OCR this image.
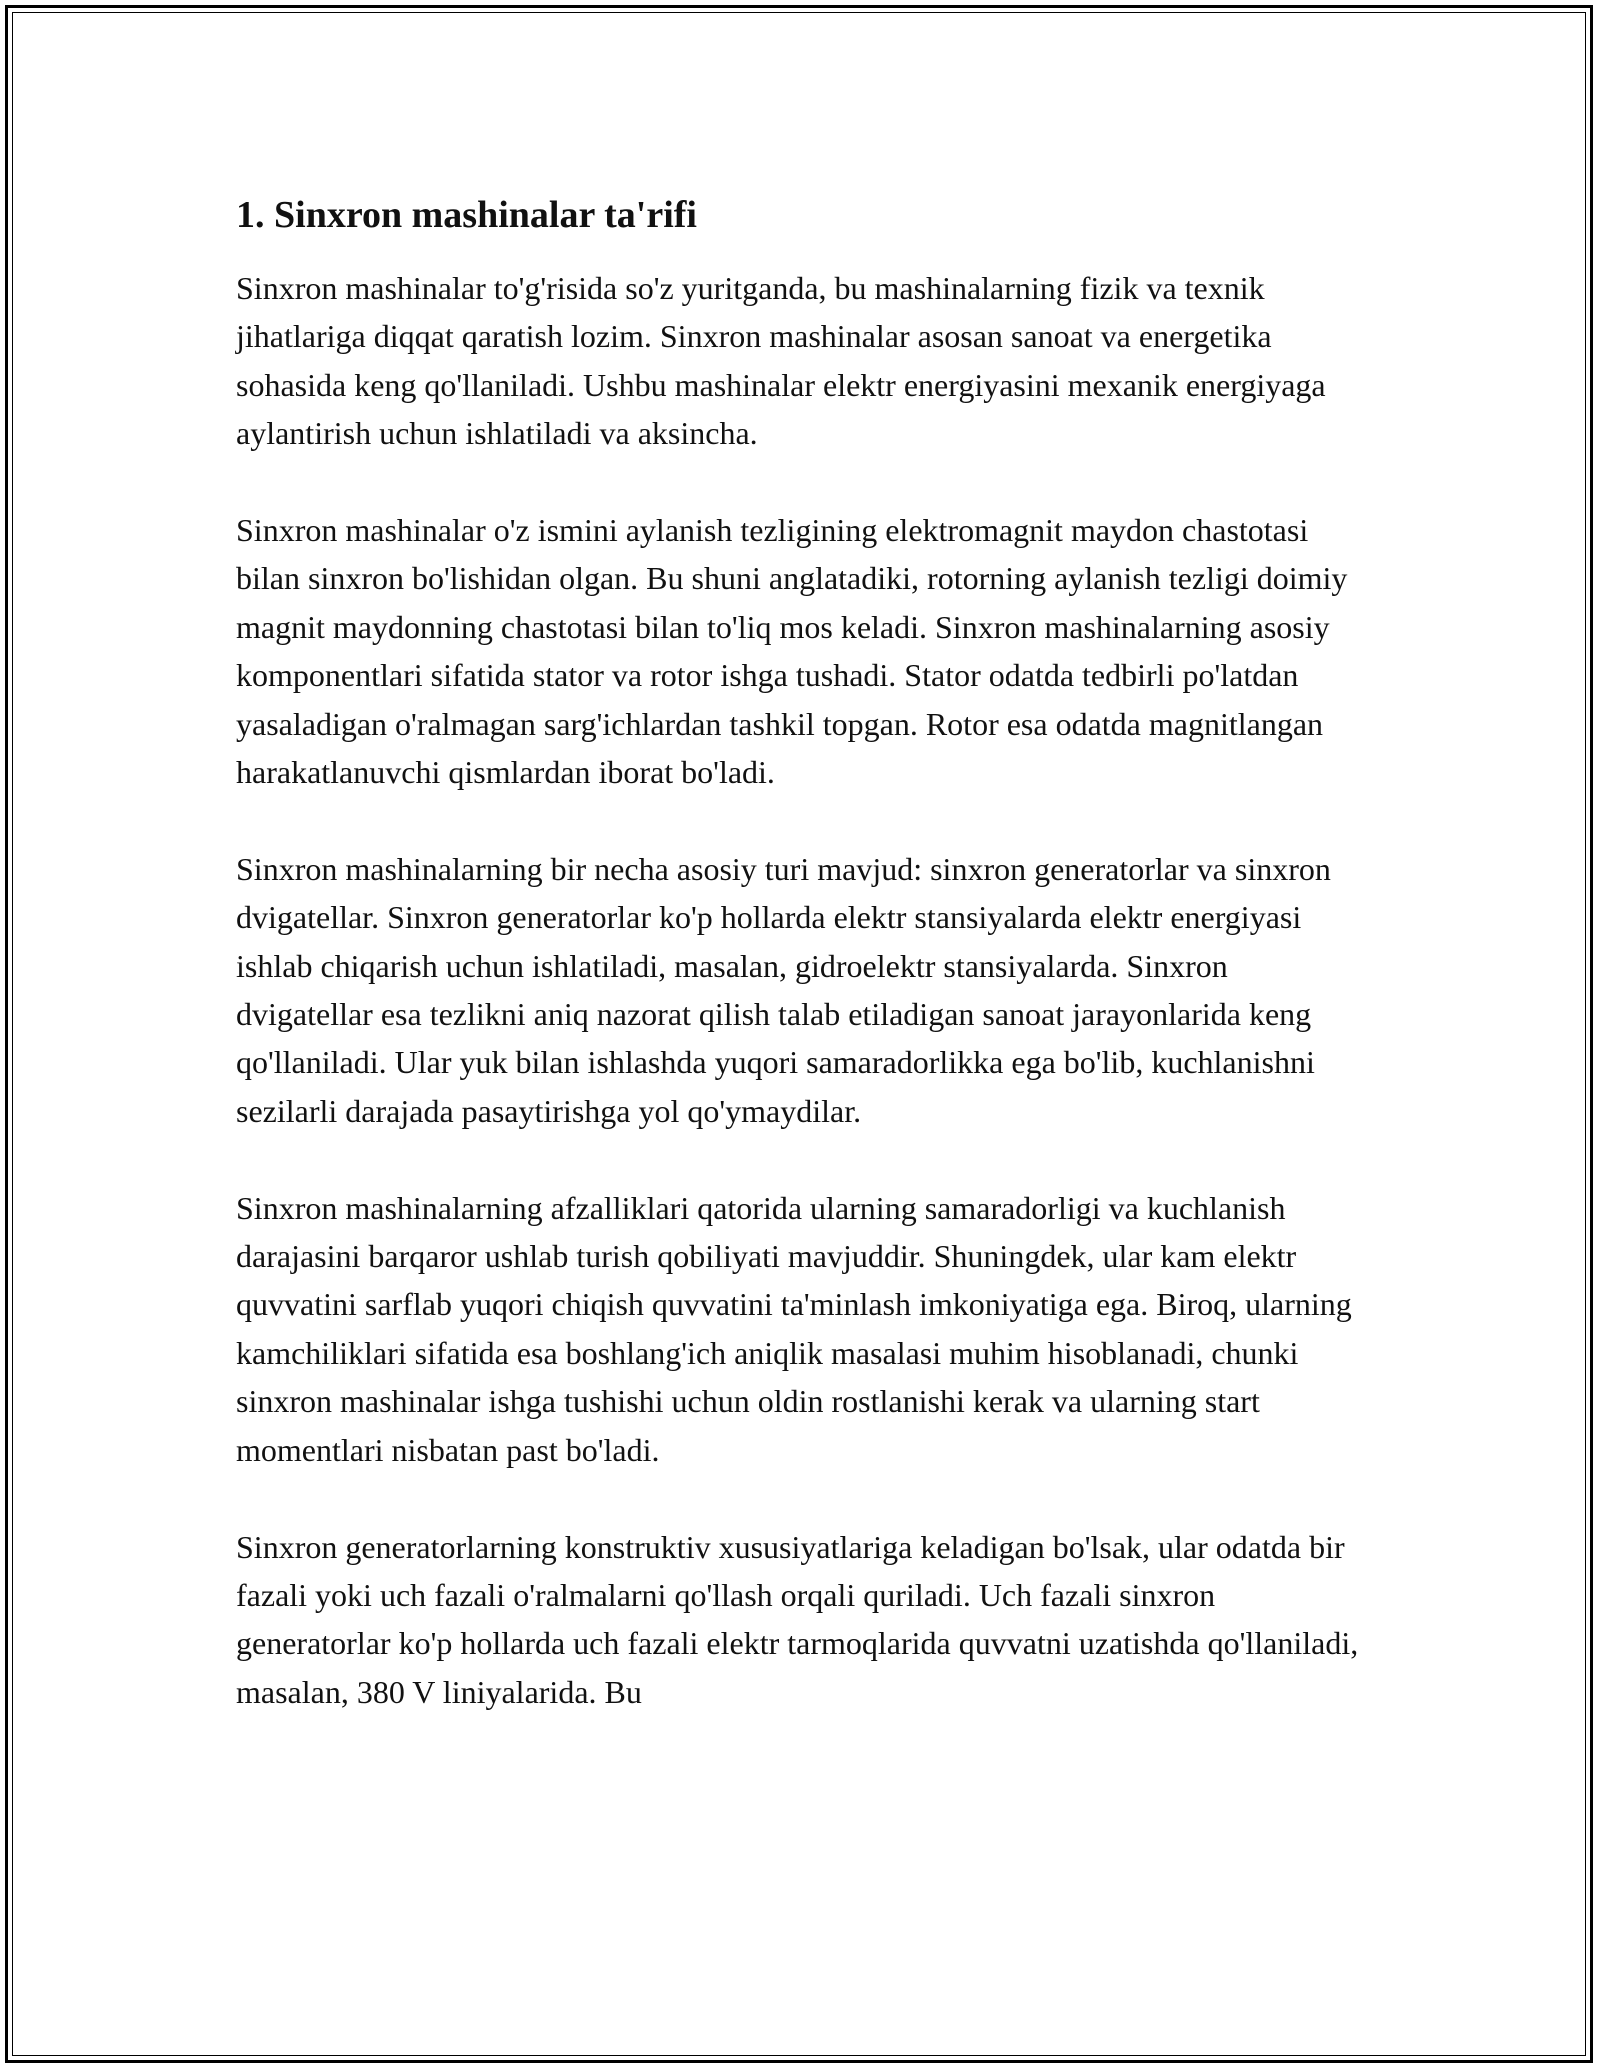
1. Sinxron mashinalar ta'rifi

Sinxron mashinalar to'g'risida so'z yuritganda, bu mashinalarning fizik va texnik jihatlariga diqqat qaratish lozim. Sinxron mashinalar asosan sanoat va energetika sohasida keng qo'llaniladi. Ushbu mashinalar elektr energiyasini mexanik energiyaga aylantirish uchun ishlatiladi va aksincha.

Sinxron mashinalar o'z ismini aylanish tezligining elektromagnit maydon chastotasi bilan sinxron bo'lishidan olgan. Bu shuni anglatadiki, rotorning aylanish tezligi doimiy magnit maydonning chastotasi bilan to'liq mos keladi. Sinxron mashinalarning asosiy komponentlari sifatida stator va rotor ishga tushadi. Stator odatda tedbirli po'latdan yasaladigan o'ralmagan sarg'ichlardan tashkil topgan. Rotor esa odatda magnitlangan harakatlanuvchi qismlardan iborat bo'ladi.

Sinxron mashinalarning bir necha asosiy turi mavjud: sinxron generatorlar va sinxron dvigatellar. Sinxron generatorlar ko'p hollarda elektr stansiyalarda elektr energiyasi ishlab chiqarish uchun ishlatiladi, masalan, gidroelektr stansiyalarda. Sinxron dvigatellar esa tezlikni aniq nazorat qilish talab etiladigan sanoat jarayonlarida keng qo'llaniladi. Ular yuk bilan ishlashda yuqori samaradorlikka ega bo'lib, kuchlanishni sezilarli darajada pasaytirishga yol qo'ymaydilar.

Sinxron mashinalarning afzalliklari qatorida ularning samaradorligi va kuchlanish darajasini barqaror ushlab turish qobiliyati mavjuddir. Shuningdek, ular kam elektr quvvatini sarflab yuqori chiqish quvvatini ta'minlash imkoniyatiga ega. Biroq, ularning kamchiliklari sifatida esa boshlang'ich aniqlik masalasi muhim hisoblanadi, chunki sinxron mashinalar ishga tushishi uchun oldin rostlanishi kerak va ularning start momentlari nisbatan past bo'ladi.

Sinxron generatorlarning konstruktiv xususiyatlariga keladigan bo'lsak, ular odatda bir fazali yoki uch fazali o'ralmalarni qo'llash orqali quriladi. Uch fazali sinxron generatorlar ko'p hollarda uch fazali elektr tarmoqlarida quvvatni uzatishda qo'llaniladi, masalan, 380 V liniyalarida. Bu
